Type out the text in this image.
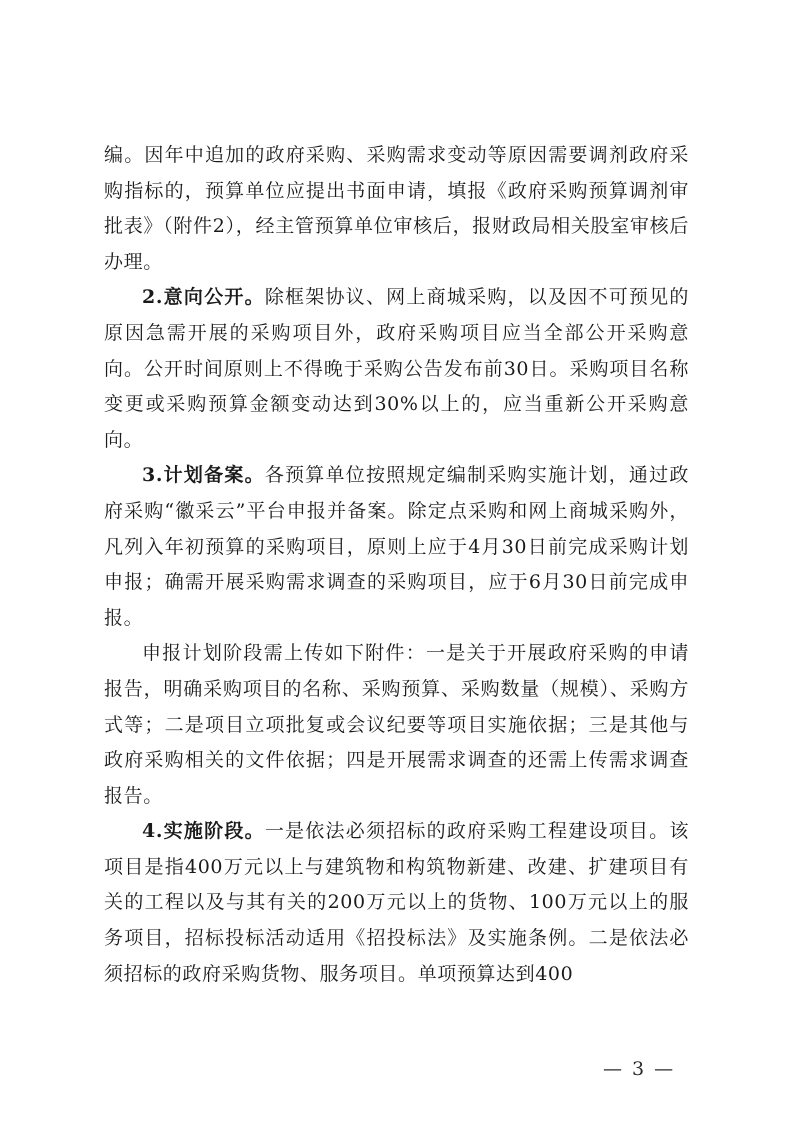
编。因年中追加的政府采购、采购需求变动等原因需要调剂政府采购指标的，预算单位应提出书面申请，填报《政府采购预算调剂审批表》（附件2），经主管预算单位审核后，报财政局相关股室审核后办理。

2.意向公开。除框架协议、网上商城采购，以及因不可预见的原因急需开展的采购项目外，政府采购项目应当全部公开采购意向。公开时间原则上不得晚于采购公告发布前30日。采购项目名称变更或采购预算金额变动达到30%以上的，应当重新公开采购意向。

3.计划备案。各预算单位按照规定编制采购实施计划，通过政府采购“徽采云”平台申报并备案。除定点采购和网上商城采购外，凡列入年初预算的采购项目，原则上应于4月30日前完成采购计划申报；确需开展采购需求调查的采购项目，应于6月30日前完成申报。

申报计划阶段需上传如下附件：一是关于开展政府采购的申请报告，明确采购项目的名称、采购预算、采购数量（规模）、采购方式等；二是项目立项批复或会议纪要等项目实施依据；三是其他与政府采购相关的文件依据；四是开展需求调查的还需上传需求调查报告。

4.实施阶段。一是依法必须招标的政府采购工程建设项目。该项目是指400万元以上与建筑物和构筑物新建、改建、扩建项目有关的工程以及与其有关的200万元以上的货物、100万元以上的服务项目，招标投标活动适用《招投标法》及实施条例。二是依法必须招标的政府采购货物、服务项目。单项预算达到400

— 3 —
